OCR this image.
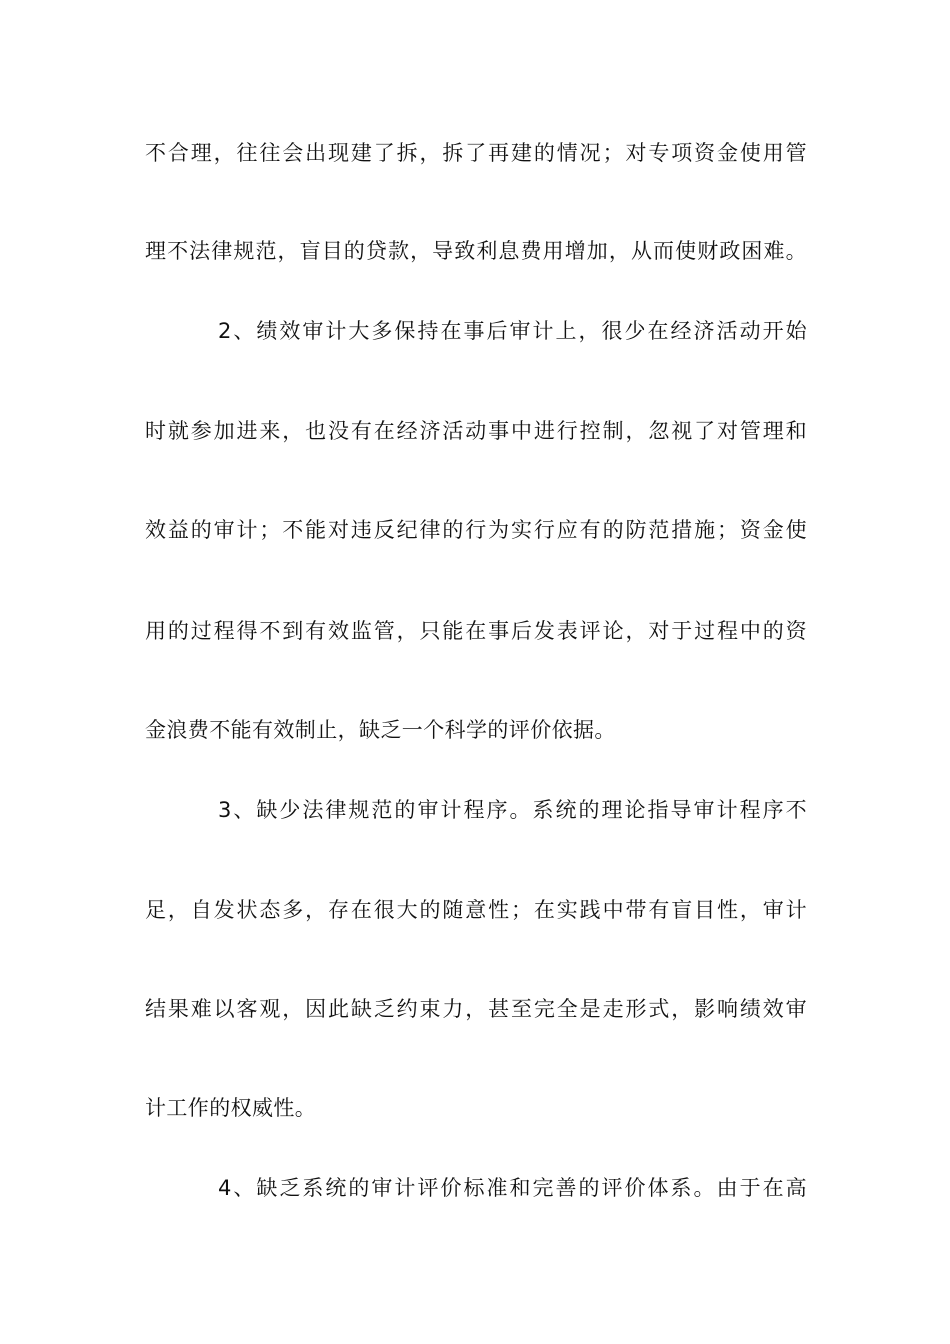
不合理，往往会出现建了拆，拆了再建的情况；对专项资金使用管
理不法律规范，盲目的贷款，导致利息费用增加，从而使财政困难。
2、绩效审计大多保持在事后审计上，很少在经济活动开始
时就参加进来，也没有在经济活动事中进行控制，忽视了对管理和
效益的审计；不能对违反纪律的行为实行应有的防范措施；资金使
用的过程得不到有效监管，只能在事后发表评论，对于过程中的资
金浪费不能有效制止，缺乏一个科学的评价依据。
3、缺少法律规范的审计程序。系统的理论指导审计程序不
足，自发状态多，存在很大的随意性；在实践中带有盲目性，审计
结果难以客观，因此缺乏约束力，甚至完全是走形式，影响绩效审
计工作的权威性。
4、缺乏系统的审计评价标准和完善的评价体系。由于在高
